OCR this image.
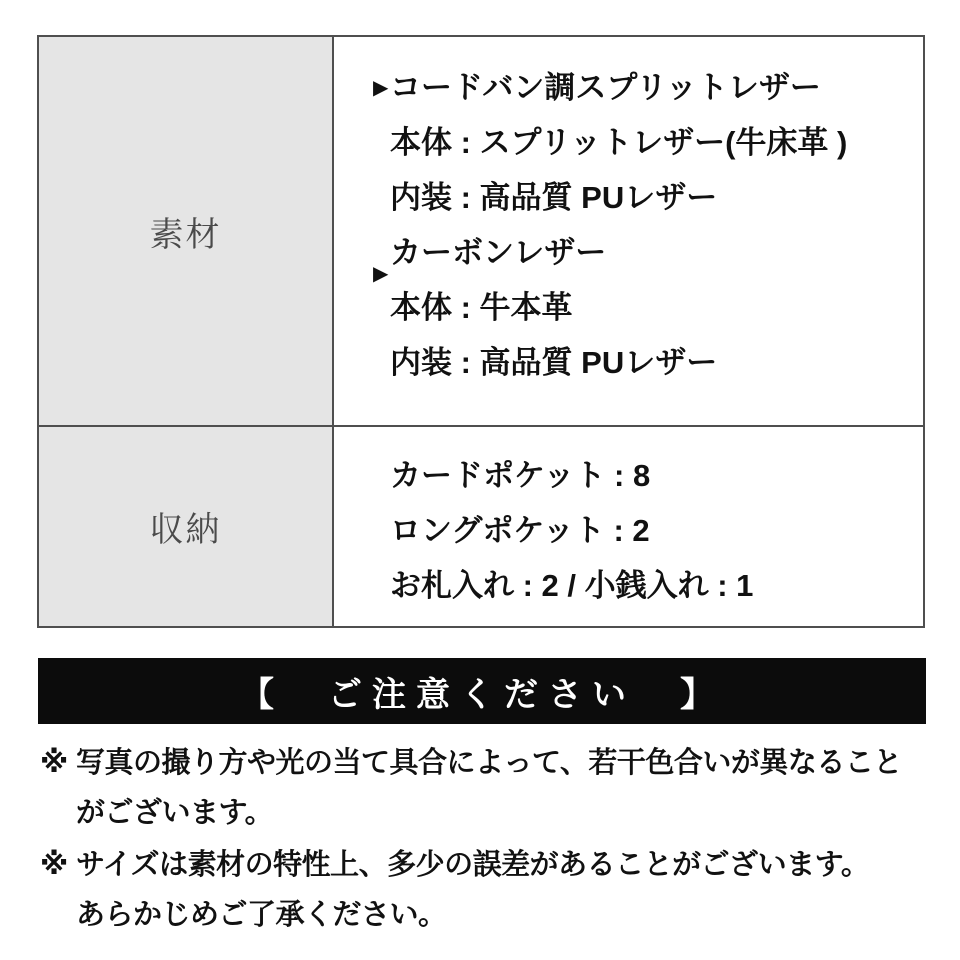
素材
▶ コードバン調スプリットレザー
本体 : スプリットレザー(牛床革 )
内装 : 高品質 PUレザー
▶
カーボンレザー
本体 : 牛本革
内装 : 高品質 PUレザー
収納
カードポケット : 8
ロングポケット : 2
お札入れ : 2 / 小銭入れ : 1
【　ご注意ください　】
※ 写真の撮り方や光の当て具合によって、若干色合いが異なること
がございます。
※ サイズは素材の特性上、多少の誤差があることがございます。
あらかじめご了承ください。
